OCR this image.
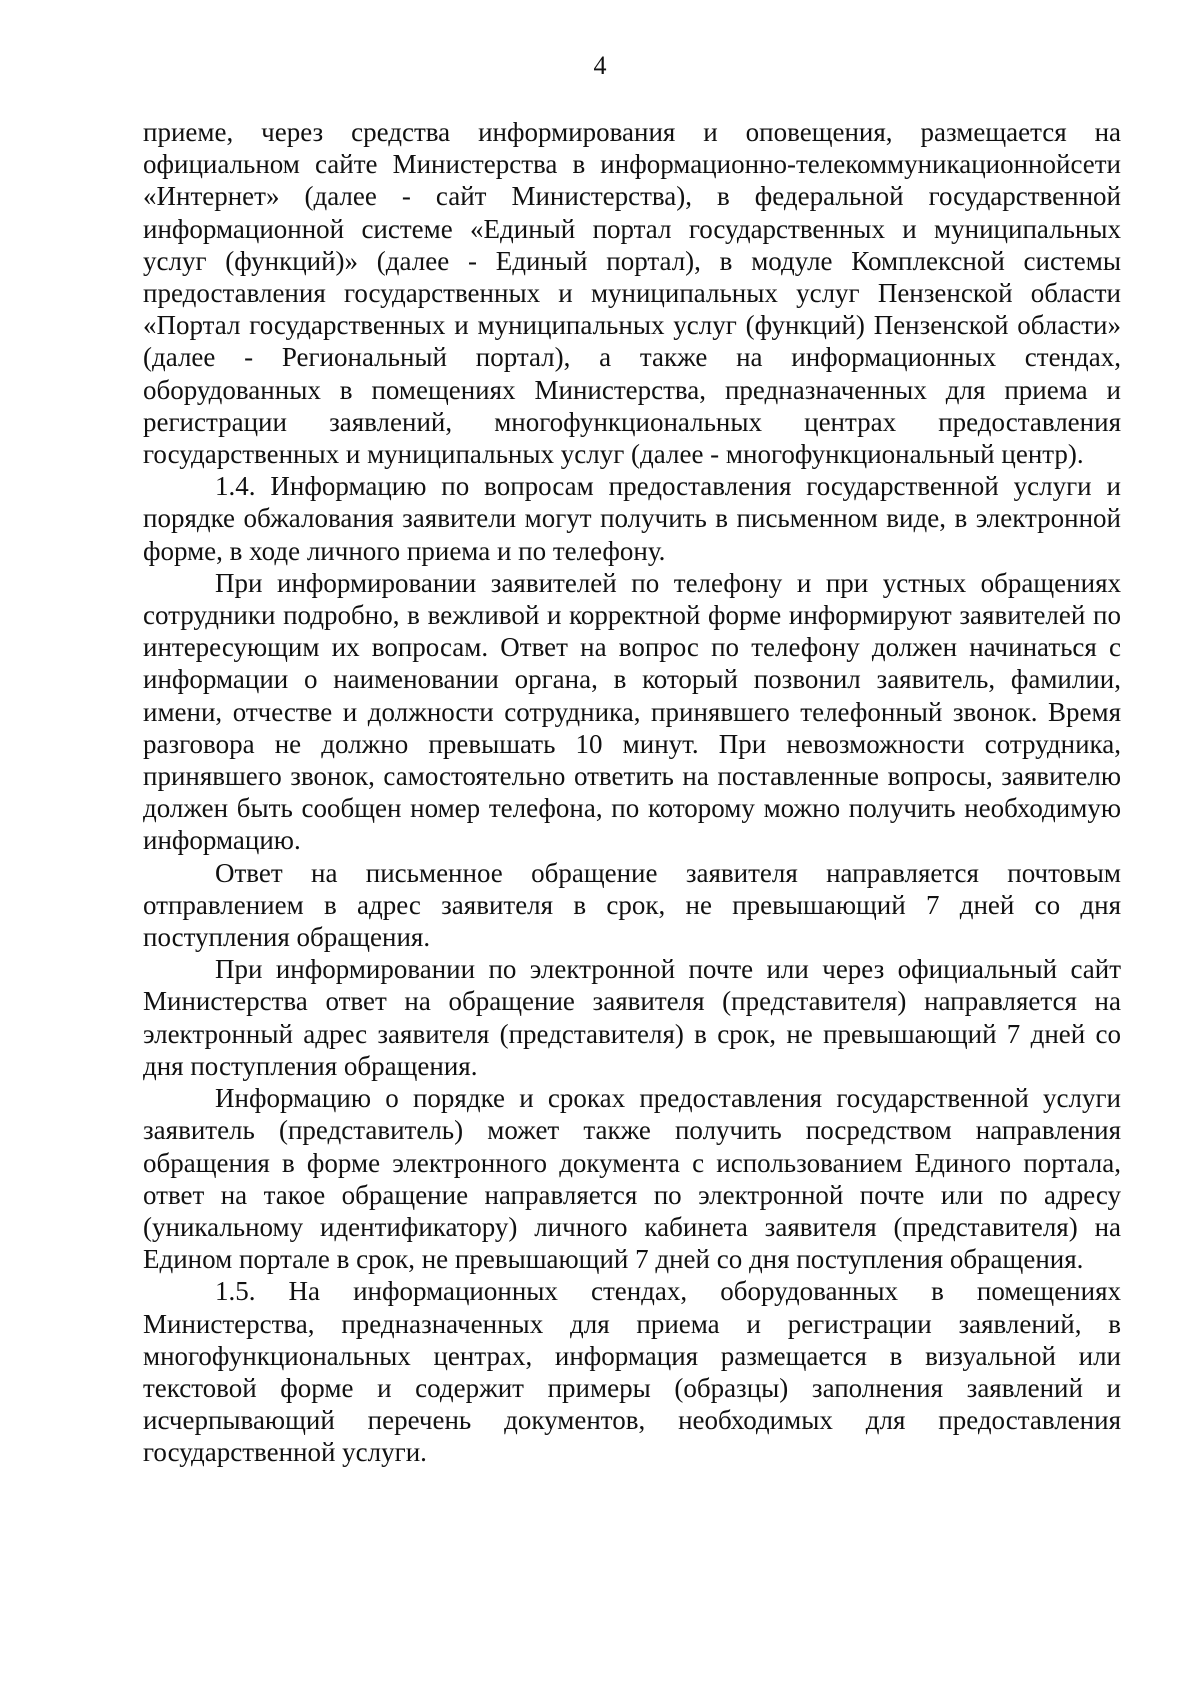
4

приеме, через средства информирования и оповещения, размещается на официальном сайте Министерства в информационно-телекоммуникационнойсети «Интернет» (далее - сайт Министерства), в федеральной государственной информационной системе «Единый портал государственных и муниципальных услуг (функций)» (далее - Единый портал), в модуле Комплексной системы предоставления государственных и муниципальных услуг Пензенской области «Портал государственных и муниципальных услуг (функций) Пензенской области» (далее - Региональный портал), а также на информационных стендах, оборудованных в помещениях Министерства, предназначенных для приема и регистрации заявлений, многофункциональных центрах предоставления государственных и муниципальных услуг (далее - многофункциональный центр).

1.4. Информацию по вопросам предоставления государственной услуги и порядке обжалования заявители могут получить в письменном виде, в электронной форме, в ходе личного приема и по телефону.

При информировании заявителей по телефону и при устных обращениях сотрудники подробно, в вежливой и корректной форме информируют заявителей по интересующим их вопросам. Ответ на вопрос по телефону должен начинаться с информации о наименовании органа, в который позвонил заявитель, фамилии, имени, отчестве и должности сотрудника, принявшего телефонный звонок. Время разговора не должно превышать 10 минут. При невозможности сотрудника, принявшего звонок, самостоятельно ответить на поставленные вопросы, заявителю должен быть сообщен номер телефона, по которому можно получить необходимую информацию.

Ответ на письменное обращение заявителя направляется почтовым отправлением в адрес заявителя в срок, не превышающий 7 дней со дня поступления обращения.

При информировании по электронной почте или через официальный сайт Министерства ответ на обращение заявителя (представителя) направляется на электронный адрес заявителя (представителя) в срок, не превышающий 7 дней со дня поступления обращения.

Информацию о порядке и сроках предоставления государственной услуги заявитель (представитель) может также получить посредством направления обращения в форме электронного документа с использованием Единого портала, ответ на такое обращение направляется по электронной почте или по адресу (уникальному идентификатору) личного кабинета заявителя (представителя) на Едином портале в срок, не превышающий 7 дней со дня поступления обращения.

1.5. На информационных стендах, оборудованных в помещениях Министерства, предназначенных для приема и регистрации заявлений, в многофункциональных центрах, информация размещается в визуальной или текстовой форме и содержит примеры (образцы) заполнения заявлений и исчерпывающий перечень документов, необходимых для предоставления государственной услуги.
